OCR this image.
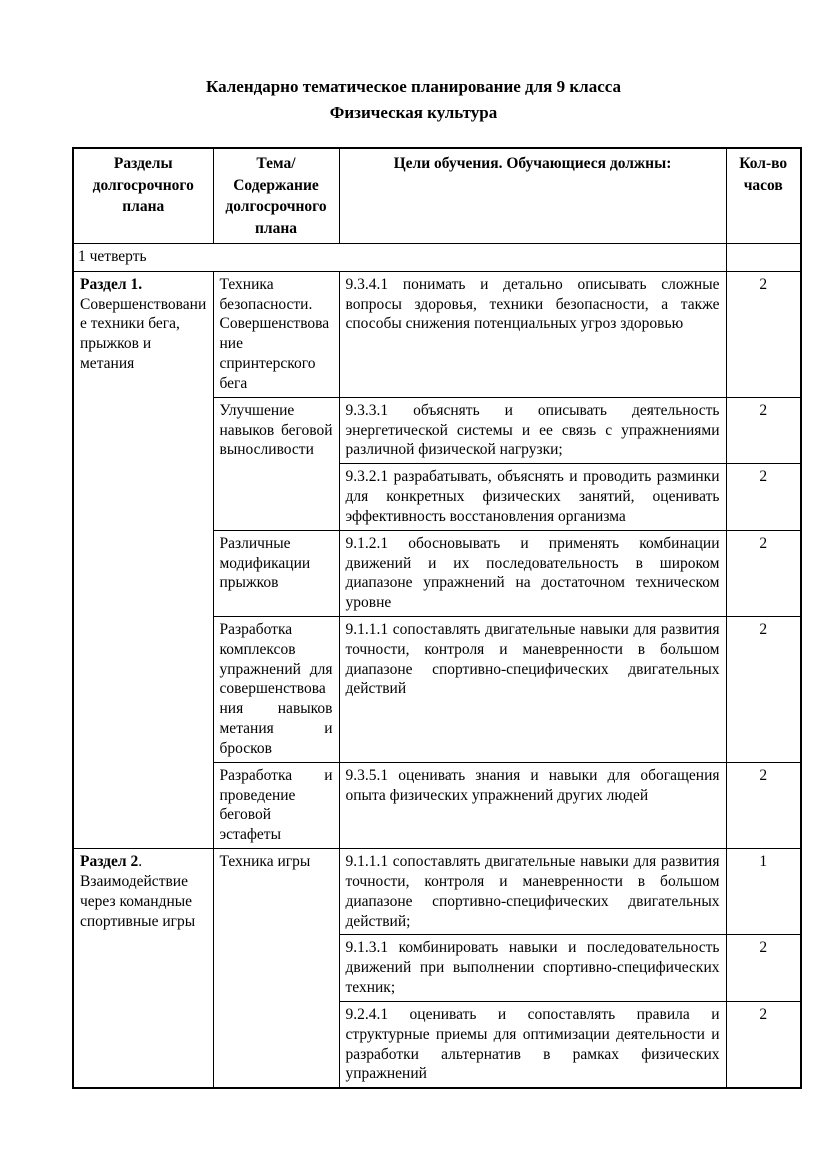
Календарно тематическое планирование для 9 класса
Физическая культура
Разделы долгосрочного плана	Тема/ Содержание долгосрочного плана	Цели обучения. Обучающиеся должны:	Кол-во часов
1 четверть			
Раздел 1. Совершенствование техники бега, прыжков и метания	Техника безопасности. Совершенствование спринтерского бега	9.3.4.1 понимать и детально описывать сложные вопросы здоровья, техники безопасности, а также способы снижения потенциальных угроз здоровью	2
	Улучшение навыков беговой выносливости	9.3.3.1 объяснять и описывать деятельность энергетической системы и ее связь с упражнениями различной физической нагрузки;	2
		9.3.2.1 разрабатывать, объяснять и проводить разминки для конкретных физических занятий, оценивать эффективность восстановления организма	2
	Различные модификации прыжков	9.1.2.1 обосновывать и применять комбинации движений и их последовательность в широком диапазоне упражнений на достаточном техническом уровне	2
	Разработка комплексов упражнений для совершенствования навыков метания и бросков	9.1.1.1 сопоставлять двигательные навыки для развития точности, контроля и маневренности в большом диапазоне спортивно-специфических двигательных действий	2
	Разработка и проведение беговой эстафеты	9.3.5.1 оценивать знания и навыки для обогащения опыта физических упражнений других людей	2
Раздел 2. Взаимодействие через командные спортивные игры	Техника игры	9.1.1.1 сопоставлять двигательные навыки для развития точности, контроля и маневренности в большом диапазоне спортивно-специфических двигательных действий;	1
		9.1.3.1 комбинировать навыки и последовательность движений при выполнении спортивно-специфических техник;	2
		9.2.4.1 оценивать и сопоставлять правила и структурные приемы для оптимизации деятельности и разработки альтернатив в рамках физических упражнений	2
